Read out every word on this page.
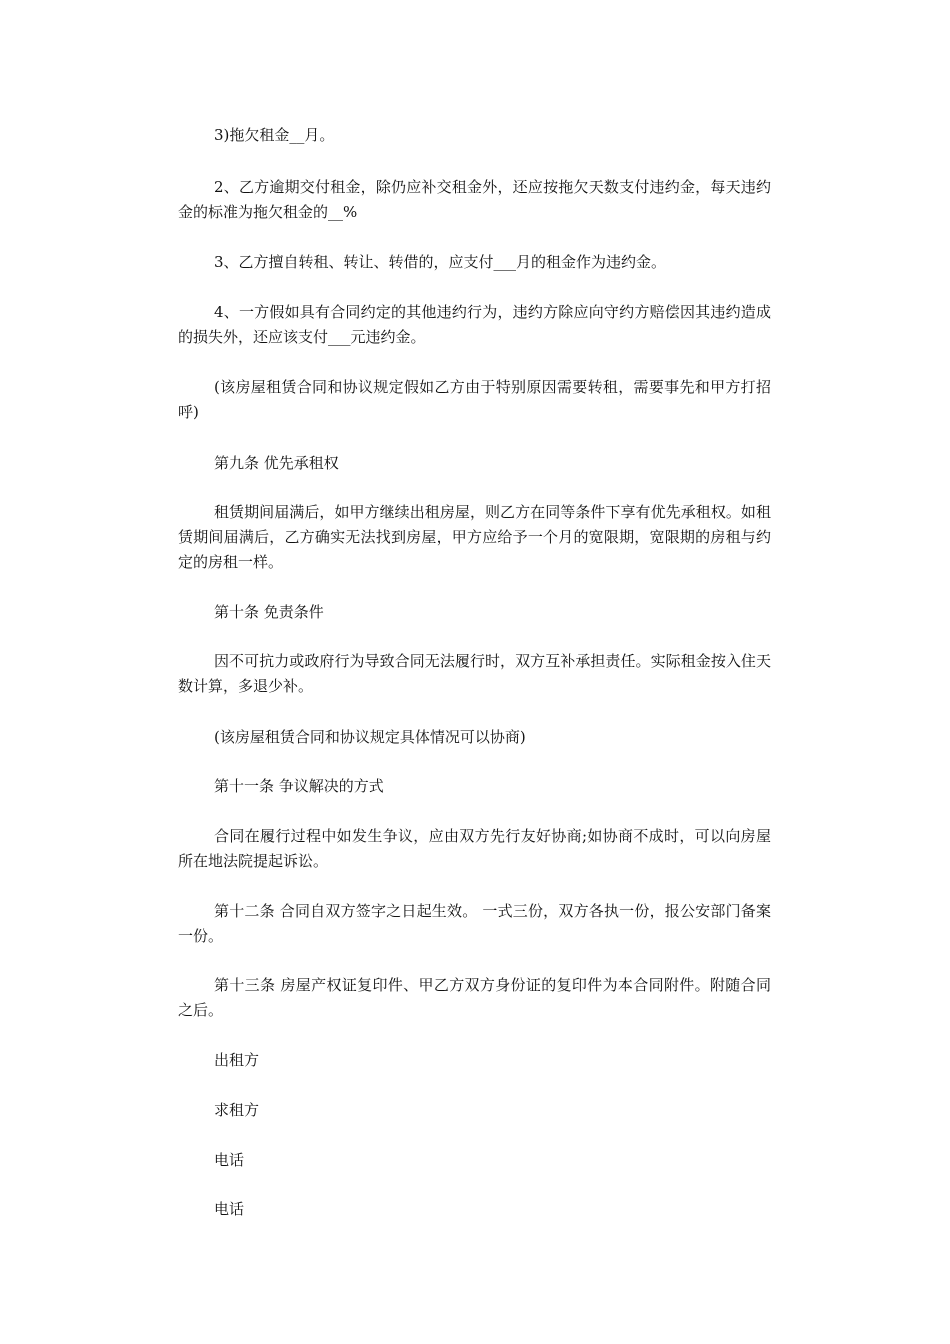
3)拖欠租金__月。

2、乙方逾期交付租金，除仍应补交租金外，还应按拖欠天数支付违约金，每天违约金的标准为拖欠租金的__%

3、乙方擅自转租、转让、转借的，应支付___月的租金作为违约金。

4、一方假如具有合同约定的其他违约行为，违约方除应向守约方赔偿因其违约造成的损失外，还应该支付___元违约金。

(该房屋租赁合同和协议规定假如乙方由于特别原因需要转租，需要事先和甲方打招呼)

第九条 优先承租权

租赁期间届满后，如甲方继续出租房屋，则乙方在同等条件下享有优先承租权。如租赁期间届满后，乙方确实无法找到房屋，甲方应给予一个月的宽限期，宽限期的房租与约定的房租一样。

第十条 免责条件

因不可抗力或政府行为导致合同无法履行时，双方互补承担责任。实际租金按入住天数计算，多退少补。

(该房屋租赁合同和协议规定具体情况可以协商)

第十一条 争议解决的方式

合同在履行过程中如发生争议，应由双方先行友好协商;如协商不成时，可以向房屋所在地法院提起诉讼。

第十二条 合同自双方签字之日起生效。 一式三份，双方各执一份，报公安部门备案一份。

第十三条 房屋产权证复印件、甲乙方双方身份证的复印件为本合同附件。附随合同之后。

出租方

求租方

电话

电话
